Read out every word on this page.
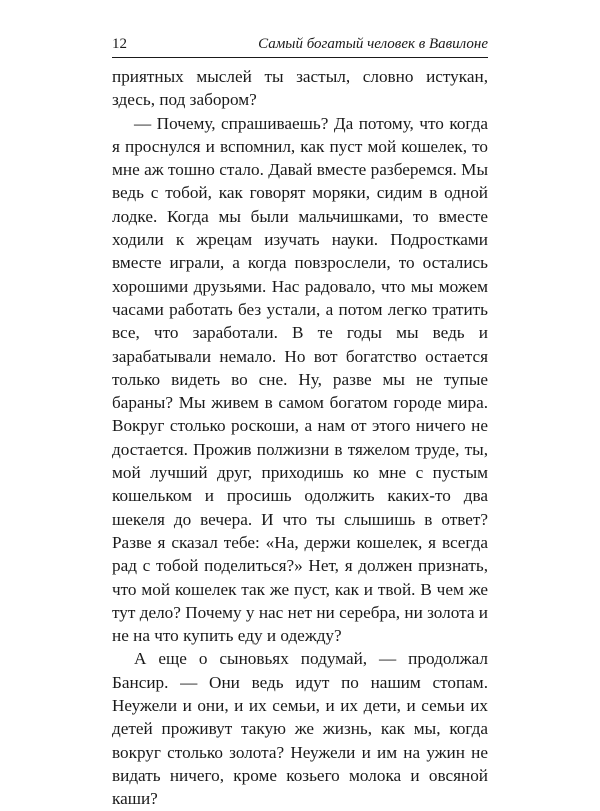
12	Самый богатый человек в Вавилоне

приятных мыслей ты застыл, словно истукан, здесь, под забором?

— Почему, спрашиваешь? Да потому, что когда я проснулся и вспомнил, как пуст мой кошелек, то мне аж тошно стало. Давай вместе разберемся. Мы ведь с тобой, как говорят моряки, сидим в одной лодке. Когда мы были мальчишками, то вместе ходили к жрецам изучать науки. Подростками вместе играли, а когда повзрослели, то остались хорошими друзьями. Нас радовало, что мы можем часами работать без устали, а потом легко тратить все, что заработали. В те годы мы ведь и зарабатывали немало. Но вот богатство остается только видеть во сне. Ну, разве мы не тупые бараны? Мы живем в самом богатом городе мира. Вокруг столько роскоши, а нам от этого ничего не достается. Прожив полжизни в тяжелом труде, ты, мой лучший друг, приходишь ко мне с пустым кошельком и просишь одолжить каких-то два шекеля до вечера. И что ты слышишь в ответ? Разве я сказал тебе: «На, держи кошелек, я всегда рад с тобой поделиться?» Нет, я должен признать, что мой кошелек так же пуст, как и твой. В чем же тут дело? Почему у нас нет ни серебра, ни золота и не на что купить еду и одежду?

А еще о сыновьях подумай, — продолжал Бансир. — Они ведь идут по нашим стопам. Неужели и они, и их семьи, и их дети, и семьи их детей проживут такую же жизнь, как мы, когда вокруг столько золота? Неужели и им на ужин не видать ничего, кроме козьего молока и овсяной каши?
